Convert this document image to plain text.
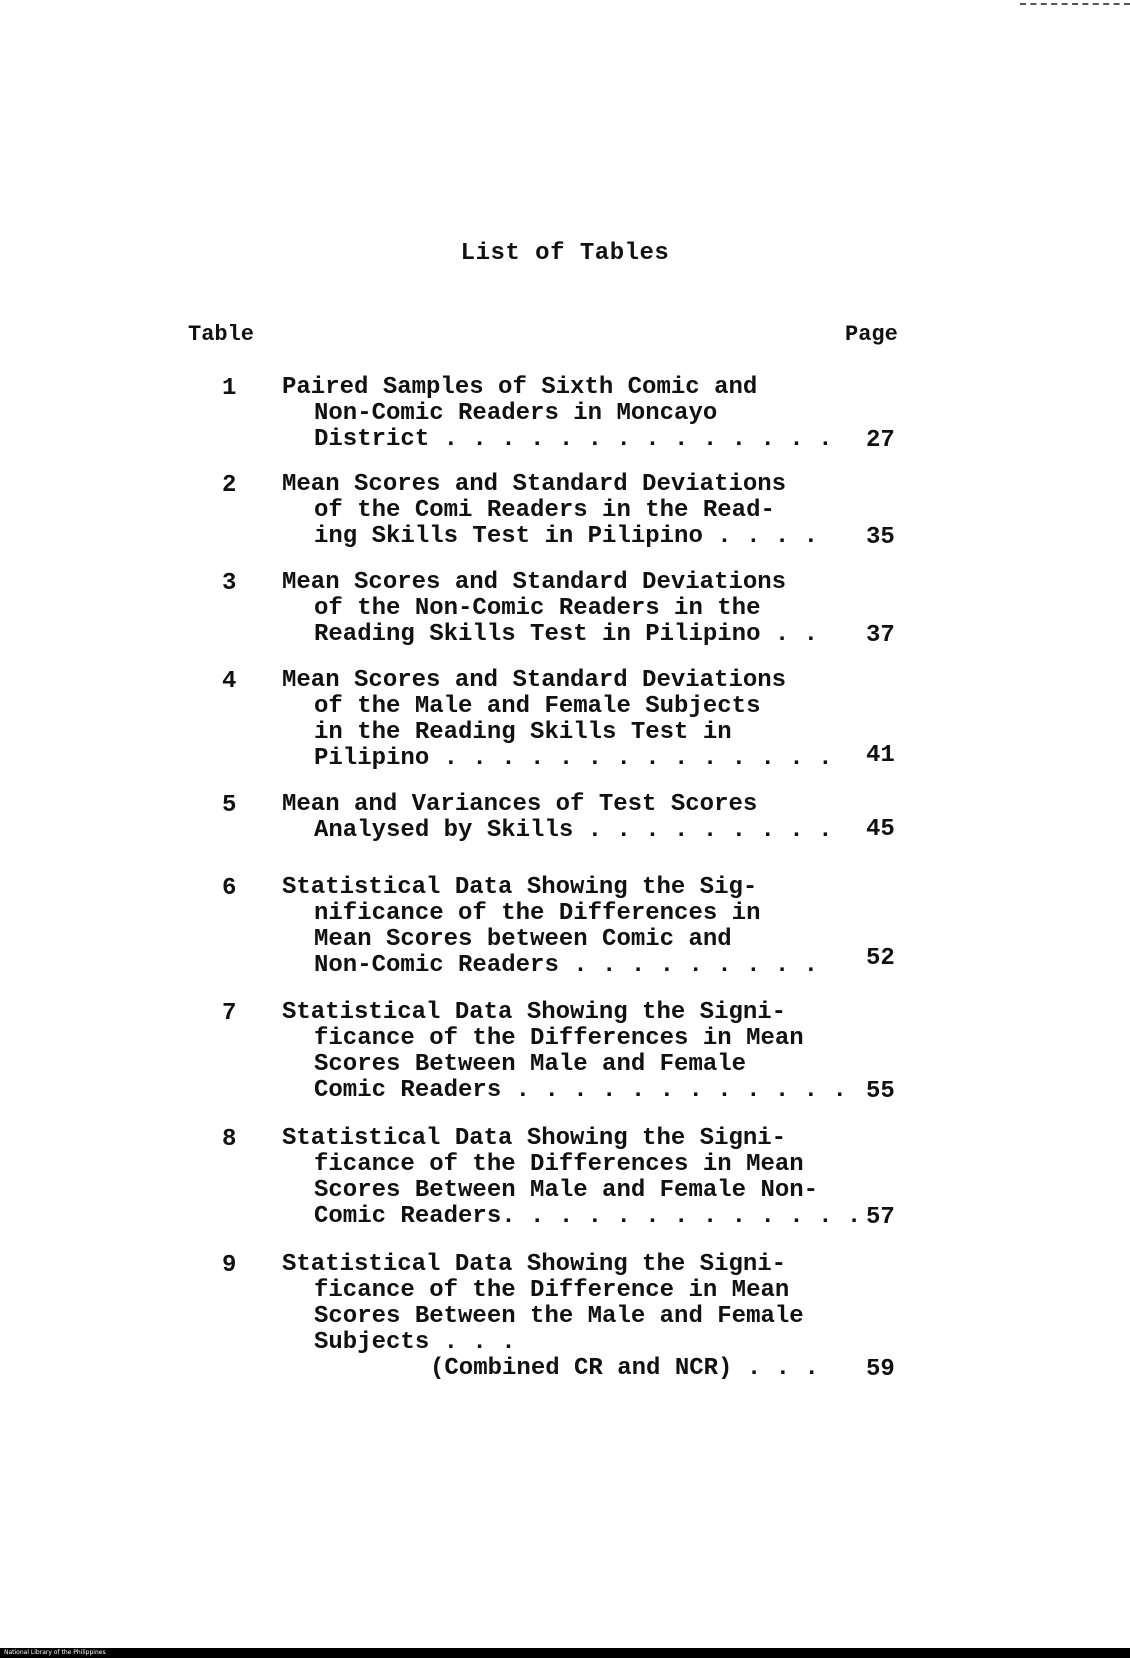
List of Tables
Table	Page
1 Paired Samples of Sixth Comic and
Non-Comic Readers in Moncayo
District . . . . . . . . . . . . . . 27
2 Mean Scores and Standard Deviations
of the Comi Readers in the Read-
ing Skills Test in Pilipino . . . . 35
3 Mean Scores and Standard Deviations
of the Non-Comic Readers in the
Reading Skills Test in Pilipino . . 37
4 Mean Scores and Standard Deviations
of the Male and Female Subjects
in the Reading Skills Test in
Pilipino . . . . . . . . . . . . . . 41
5 Mean and Variances of Test Scores
Analysed by Skills . . . . . . . . . 45
6 Statistical Data Showing the Sig-
nificance of the Differences in
Mean Scores between Comic and
Non-Comic Readers . . . . . . . . . 52
7 Statistical Data Showing the Signi-
ficance of the Differences in Mean
Scores Between Male and Female
Comic Readers . . . . . . . . . . . . 55
8 Statistical Data Showing the Signi-
ficance of the Differences in Mean
Scores Between Male and Female Non-
Comic Readers. . . . . . . . . . . . . 57
9 Statistical Data Showing the Signi-
ficance of the Difference in Mean
Scores Between the Male and Female
Subjects . . .
(Combined CR and NCR) . . . 59
National Library of the Philippines
